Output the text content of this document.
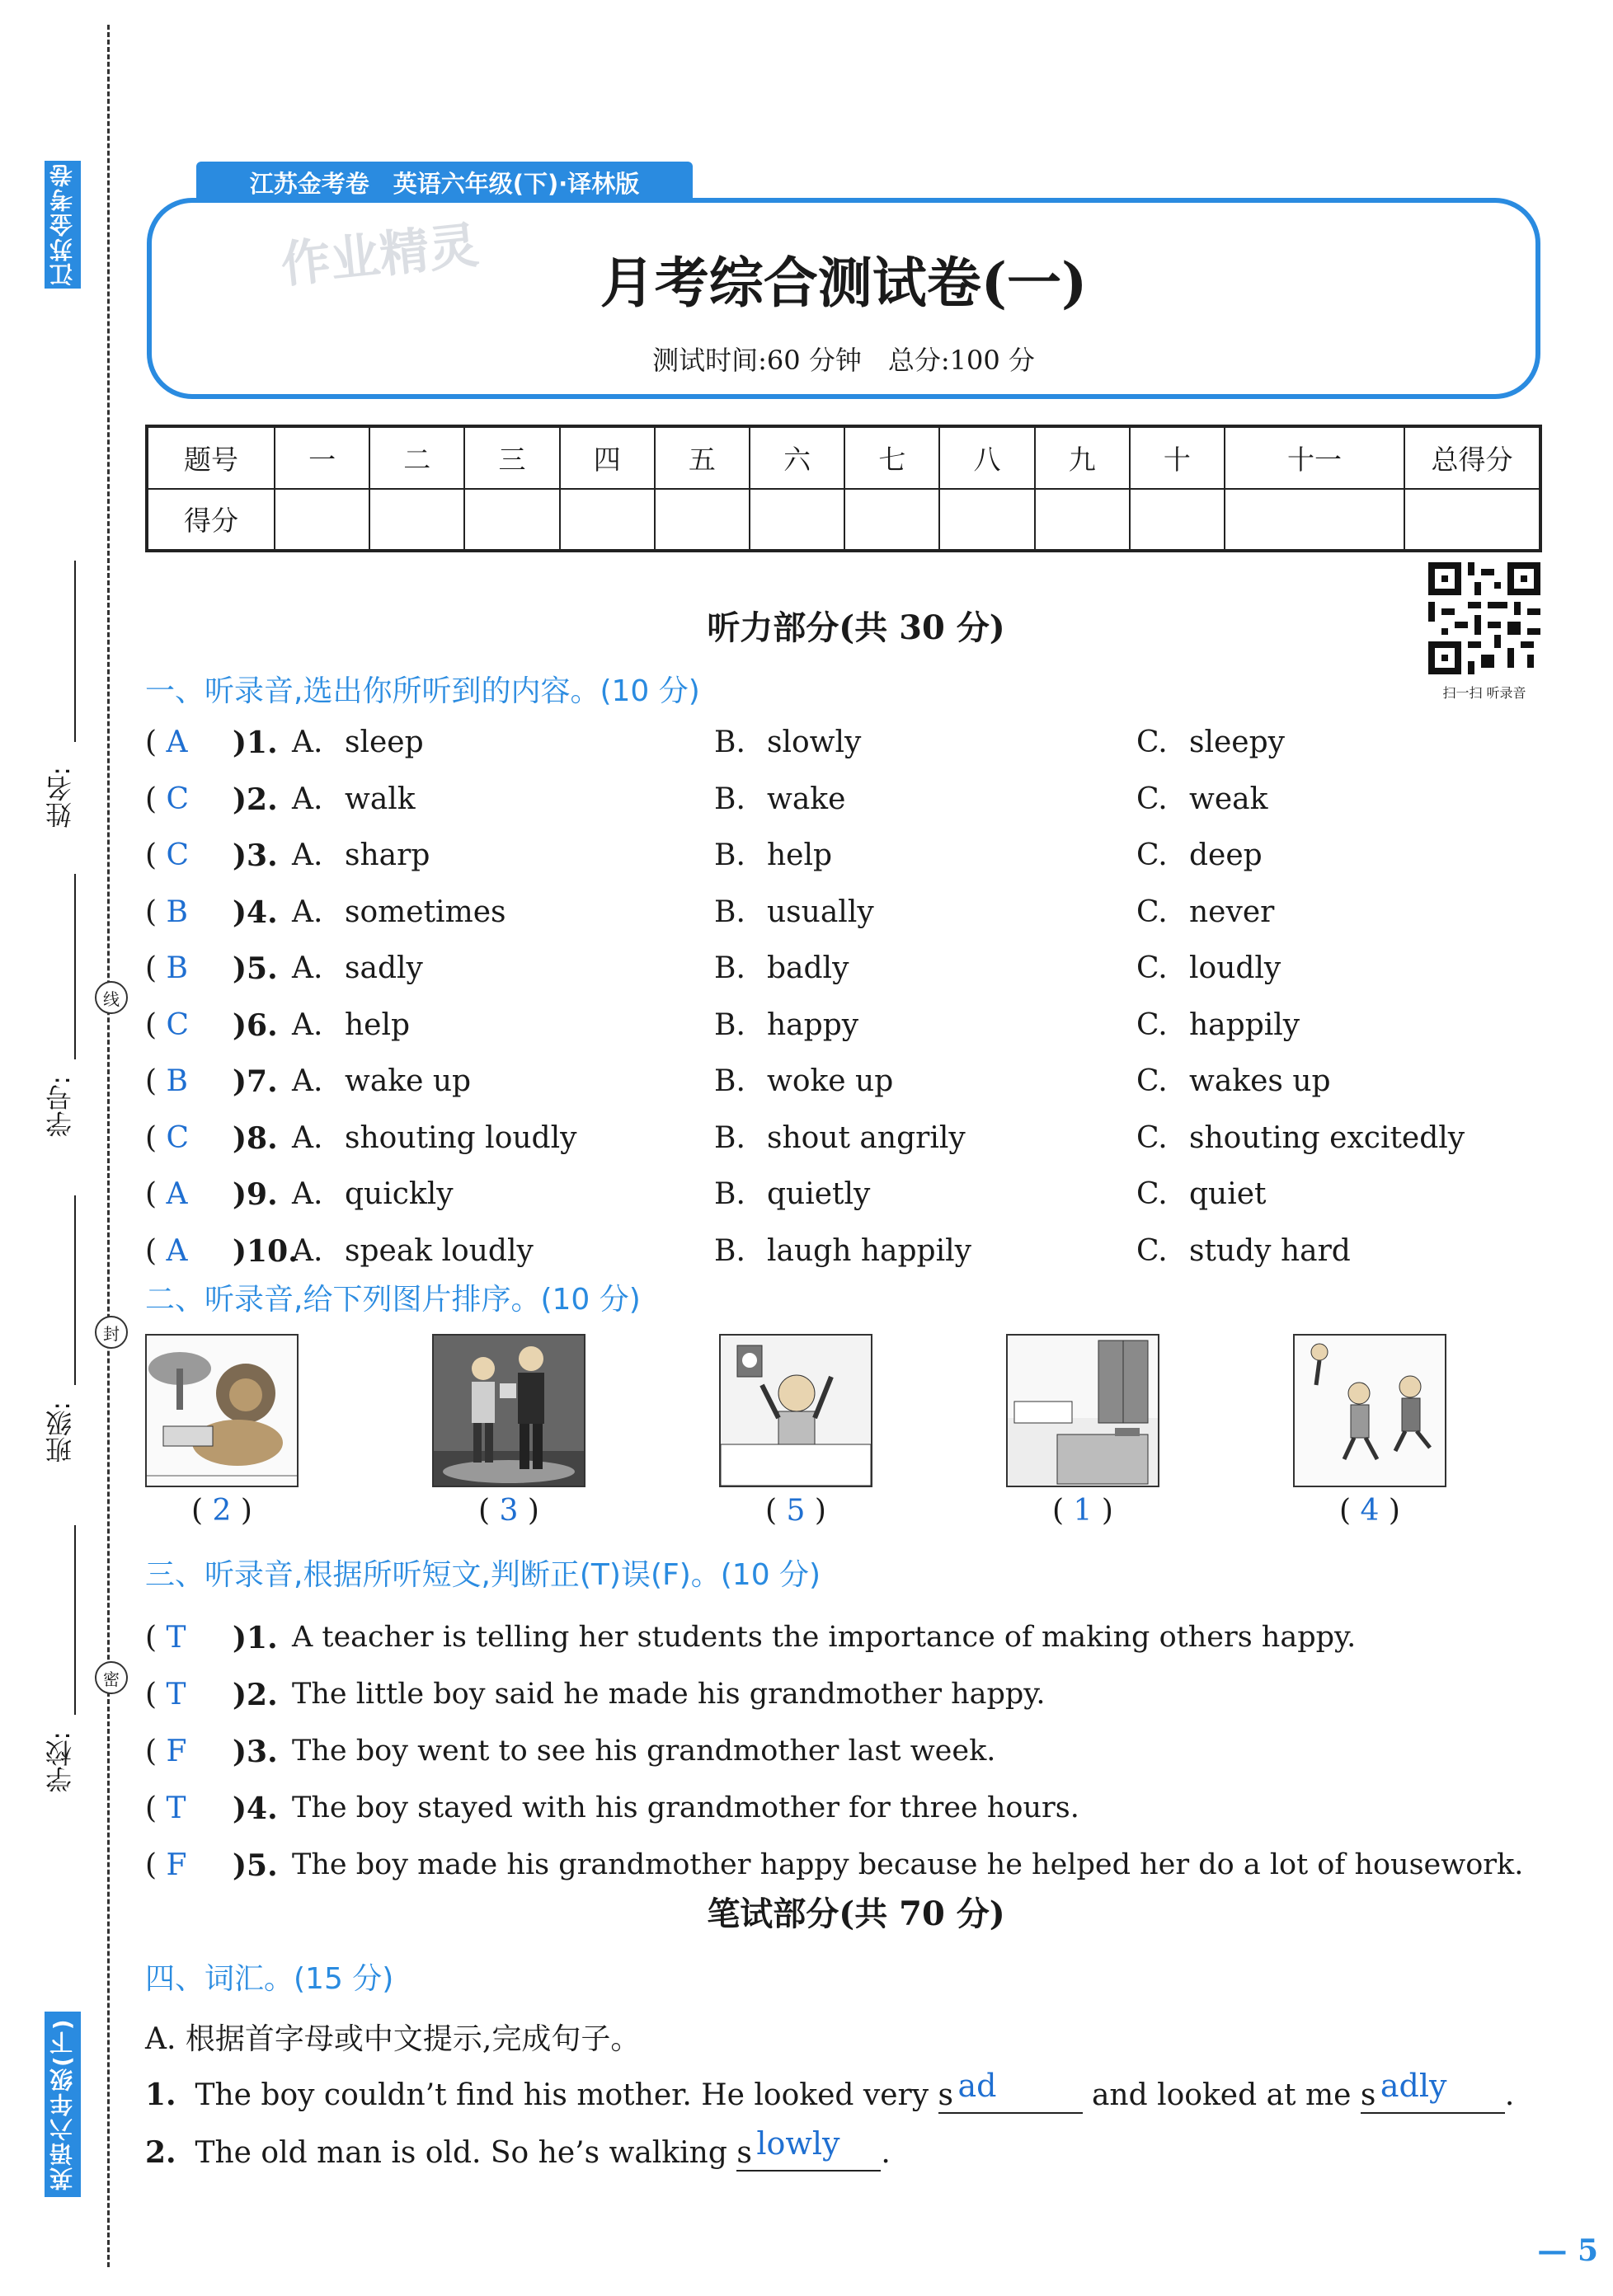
江苏金考卷
英语六年级(下)
姓名:
学号:
班级:
学校:
线
封
密
江苏金考卷　英语六年级(下)·译林版
作业精灵	月考综合测试卷(一)
测试时间:60 分钟　总分:100 分
题号	一	二	三	四	五	六	七	八	九	十	十一	总得分
得分												
扫一扫 听录音
听力部分(共 30 分)
一、听录音,选出你所听到的内容。(10 分)
( A
  )1. A. sleep	B. slowly	C. sleepy
( C
  )2. A. walk	B. wake	C. weak
( C
  )3. A. sharp	B. help	C. deep
( B
  )4. A. sometimes	B. usually	C. never
( B
  )5. A. sadly	B. badly	C. loudly
( C
  )6. A. help	B. happy	C. happily
( B
  )7. A. wake up	B. woke up	C. wakes up
( C
  )8. A. shouting loudly	B. shout angrily	C. shouting excitedly
( A
  )9. A. quickly	B. quietly	C. quiet
( A
  )10.
A. speak loudly	B. laugh happily	C. study hard
二、听录音,给下列图片排序。(10 分)
( 2 )	( 3 )	( 5 )	( 1 )	( 4 )
三、听录音,根据所听短文,判断正(T)误(F)。(10 分)
( T
  )1. A teacher is telling her students the importance of making others happy.
( T
  )2. The little boy said he made his grandmother happy.
( F
  )3. The boy went to see his grandmother last week.
( T
  )4. The boy stayed with his grandmother for three hours.
( F
  )5. The boy made his grandmother happy because he helped her do a lot of housework.
笔试部分(共 70 分)
四、词汇。(15 分)
A. 根据首字母或中文提示,完成句子。
1. The boy couldn’t find his mother. He looked very s ad	and looked at me s adly .
2. The old man is old. So he’s walking s lowly .
— 5
